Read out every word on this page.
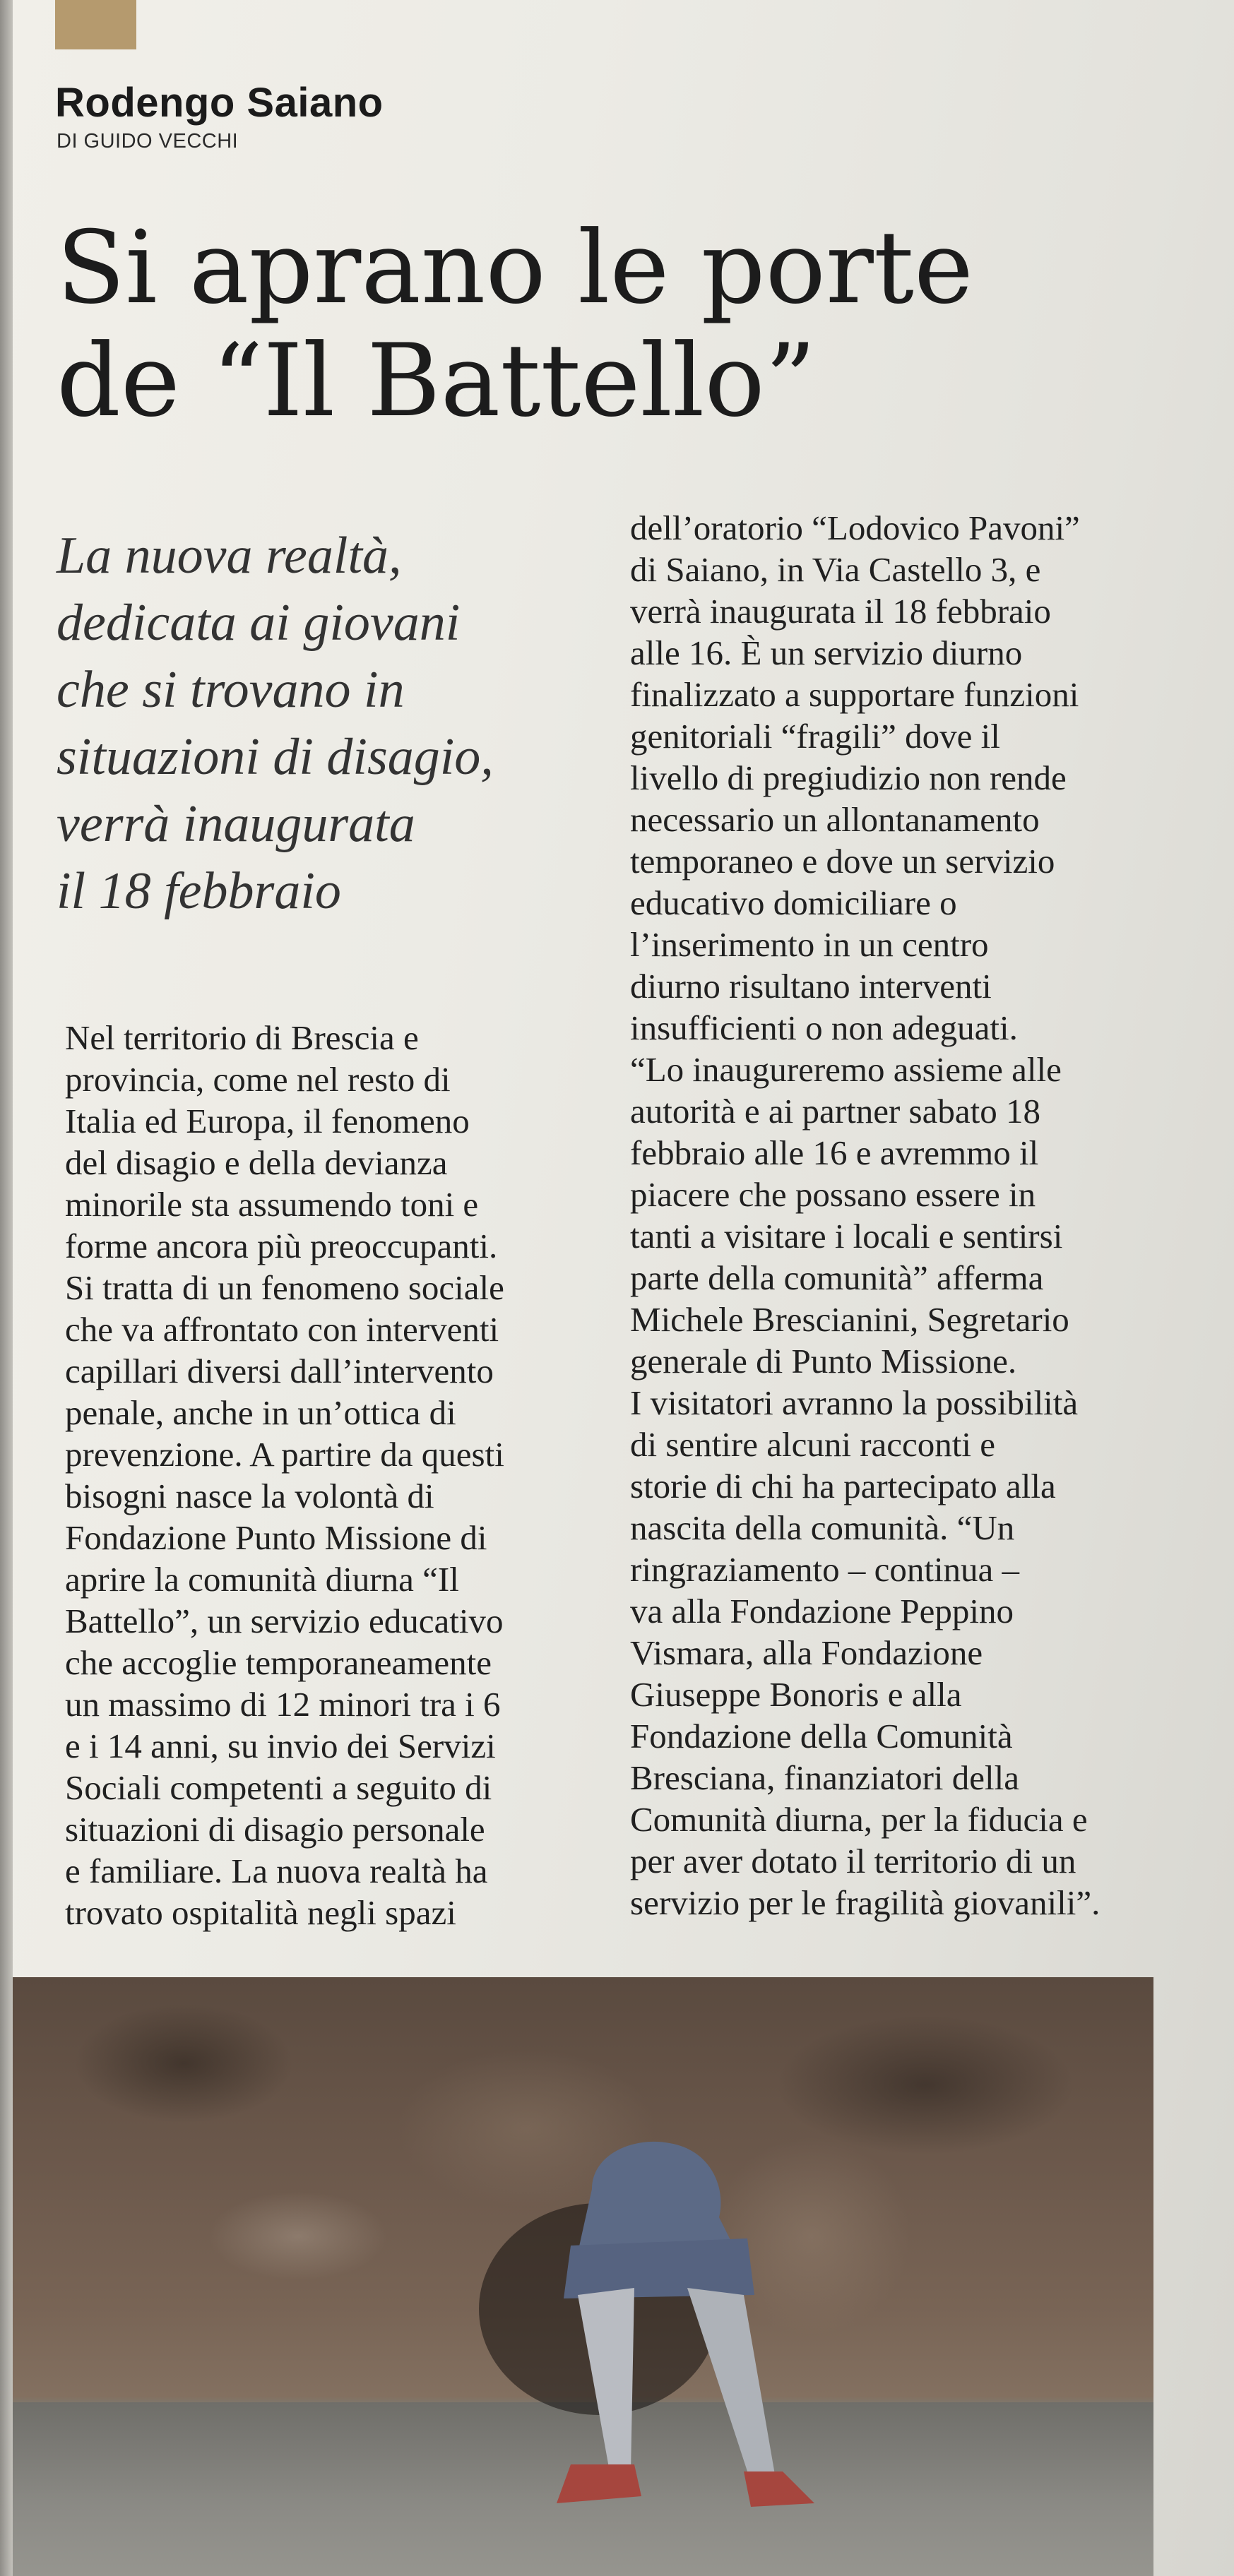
Rodengo Saiano
DI GUIDO VECCHI
Si aprano le porte
de “Il Battello”
La nuova realtà,
dedicata ai giovani
che si trovano in
situazioni di disagio,
verrà inaugurata
il 18 febbraio
Nel territorio di Brescia e
provincia, come nel resto di
Italia ed Europa, il fenomeno
del disagio e della devianza
minorile sta assumendo toni e
forme ancora più preoccupanti.
Si tratta di un fenomeno sociale
che va affrontato con interventi
capillari diversi dall’intervento
penale, anche in un’ottica di
prevenzione. A partire da questi
bisogni nasce la volontà di
Fondazione Punto Missione di
aprire la comunità diurna “Il
Battello”, un servizio educativo
che accoglie temporaneamente
un massimo di 12 minori tra i 6
e i 14 anni, su invio dei Servizi
Sociali competenti a seguito di
situazioni di disagio personale
e familiare. La nuova realtà ha
trovato ospitalità negli spazi
dell’oratorio “Lodovico Pavoni”
di Saiano, in Via Castello 3, e
verrà inaugurata il 18 febbraio
alle 16. È un servizio diurno
finalizzato a supportare funzioni
genitoriali “fragili” dove il
livello di pregiudizio non rende
necessario un allontanamento
temporaneo e dove un servizio
educativo domiciliare o
l’inserimento in un centro
diurno risultano interventi
insufficienti o non adeguati.
“Lo inaugureremo assieme alle
autorità e ai partner sabato 18
febbraio alle 16 e avremmo il
piacere che possano essere in
tanti a visitare i locali e sentirsi
parte della comunità” afferma
Michele Brescianini, Segretario
generale di Punto Missione.
I visitatori avranno la possibilità
di sentire alcuni racconti e
storie di chi ha partecipato alla
nascita della comunità. “Un
ringraziamento – continua –
va alla Fondazione Peppino
Vismara, alla Fondazione
Giuseppe Bonoris e alla
Fondazione della Comunità
Bresciana, finanziatori della
Comunità diurna, per la fiducia e
per aver dotato il territorio di un
servizio per le fragilità giovanili”.
